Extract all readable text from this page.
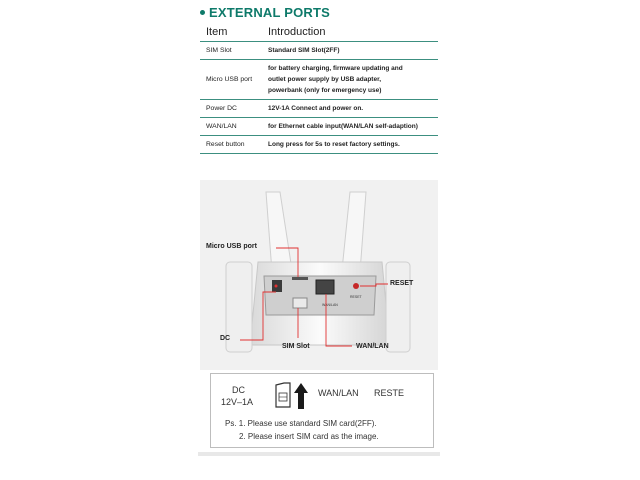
EXTERNAL PORTS
Item	Introduction
SIM Slot	Standard SIM Slot(2FF)
Micro USB port	for battery charging, firmware updating and
outlet power supply by USB adapter,
powerbank (only for emergency use)

Power DC	12V-1A Connect and power on.
WAN/LAN	for Ethernet cable input(WAN/LAN self-adaption)
Reset button	Long press for 5s to reset factory settings.
WAN/LAN
RESET
Micro USB port
RESET
DC
SIM Slot	WAN/LAN
DC
12V–1A
WAN/LAN RESTE
Ps. 1. Please use standard SIM card(2FF).
2. Please insert SIM card as the image.
